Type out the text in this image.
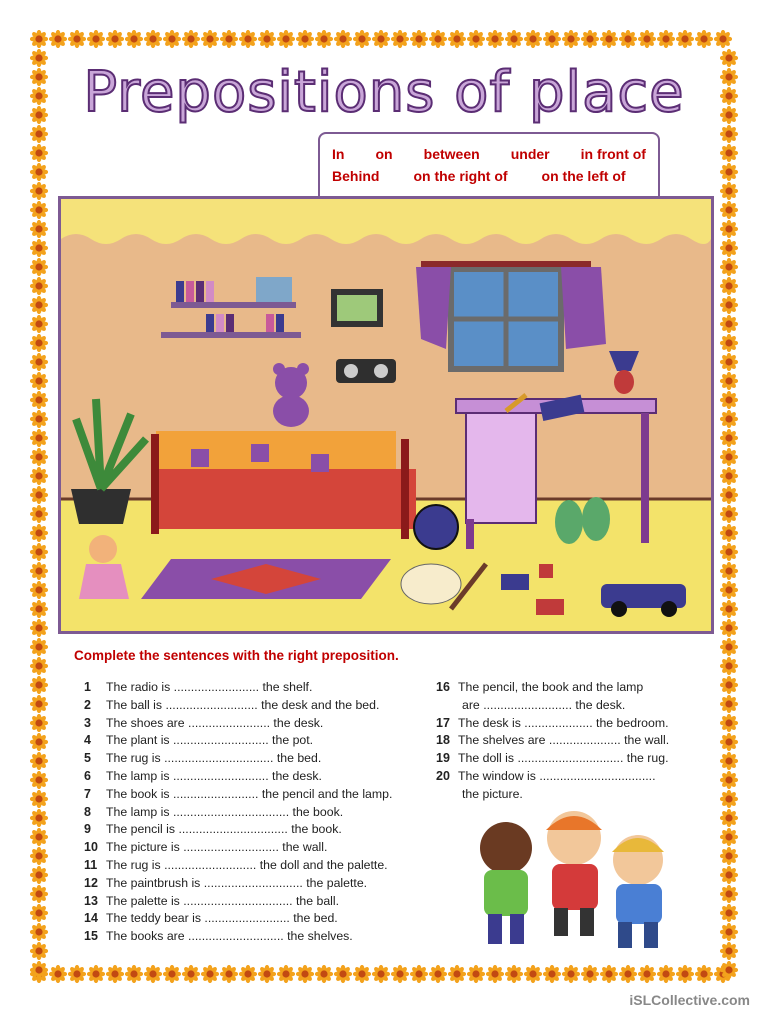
Prepositions of place
In on between under in front of
Behind on the right of on the left of
Complete the sentences with the right preposition.
1 The radio is ......................... the shelf.
2 The ball is ........................... the desk and the bed.
3 The shoes are ........................ the desk.
4 The plant is ............................ the pot.
5 The rug is ................................ the bed.
6 The lamp is ............................ the desk.
7 The book is ......................... the pencil and the lamp.
8 The lamp is .................................. the book.
9 The pencil is ................................ the book.
10 The picture is ............................ the wall.
11 The rug is ........................... the doll and the palette.
12 The paintbrush is ............................. the palette.
13 The palette is ................................ the ball.
14 The teddy bear is ......................... the bed.
15 The books are ............................ the shelves.
16 The pencil, the book and the lamp
are .......................... the desk.
17 The desk is .................... the bedroom.
18 The shelves are ..................... the wall.
19 The doll is ............................... the rug.
20 The window is ..................................
the picture.
iSLCollective.com
